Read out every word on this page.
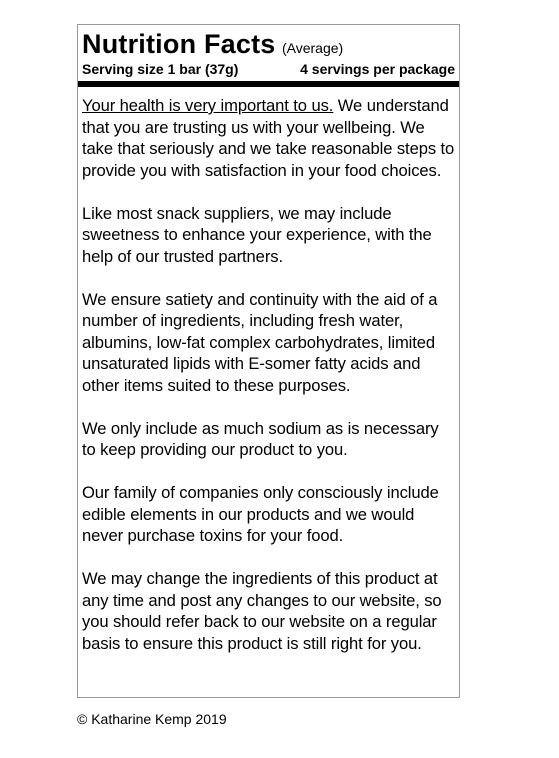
Nutrition Facts (Average)
Serving size 1 bar (37g)	4 servings per package

Your health is very important to us. We understand that you are trusting us with your wellbeing. We take that seriously and we take reasonable steps to provide you with satisfaction in your food choices.

Like most snack suppliers, we may include sweetness to enhance your experience, with the help of our trusted partners.

We ensure satiety and continuity with the aid of a number of ingredients, including fresh water, albumins, low-fat complex carbohydrates, limited unsaturated lipids with E-somer fatty acids and other items suited to these purposes.

We only include as much sodium as is necessary to keep providing our product to you.

Our family of companies only consciously include edible elements in our products and we would never purchase toxins for your food.

We may change the ingredients of this product at any time and post any changes to our website, so you should refer back to our website on a regular basis to ensure this product is still right for you.

© Katharine Kemp 2019
